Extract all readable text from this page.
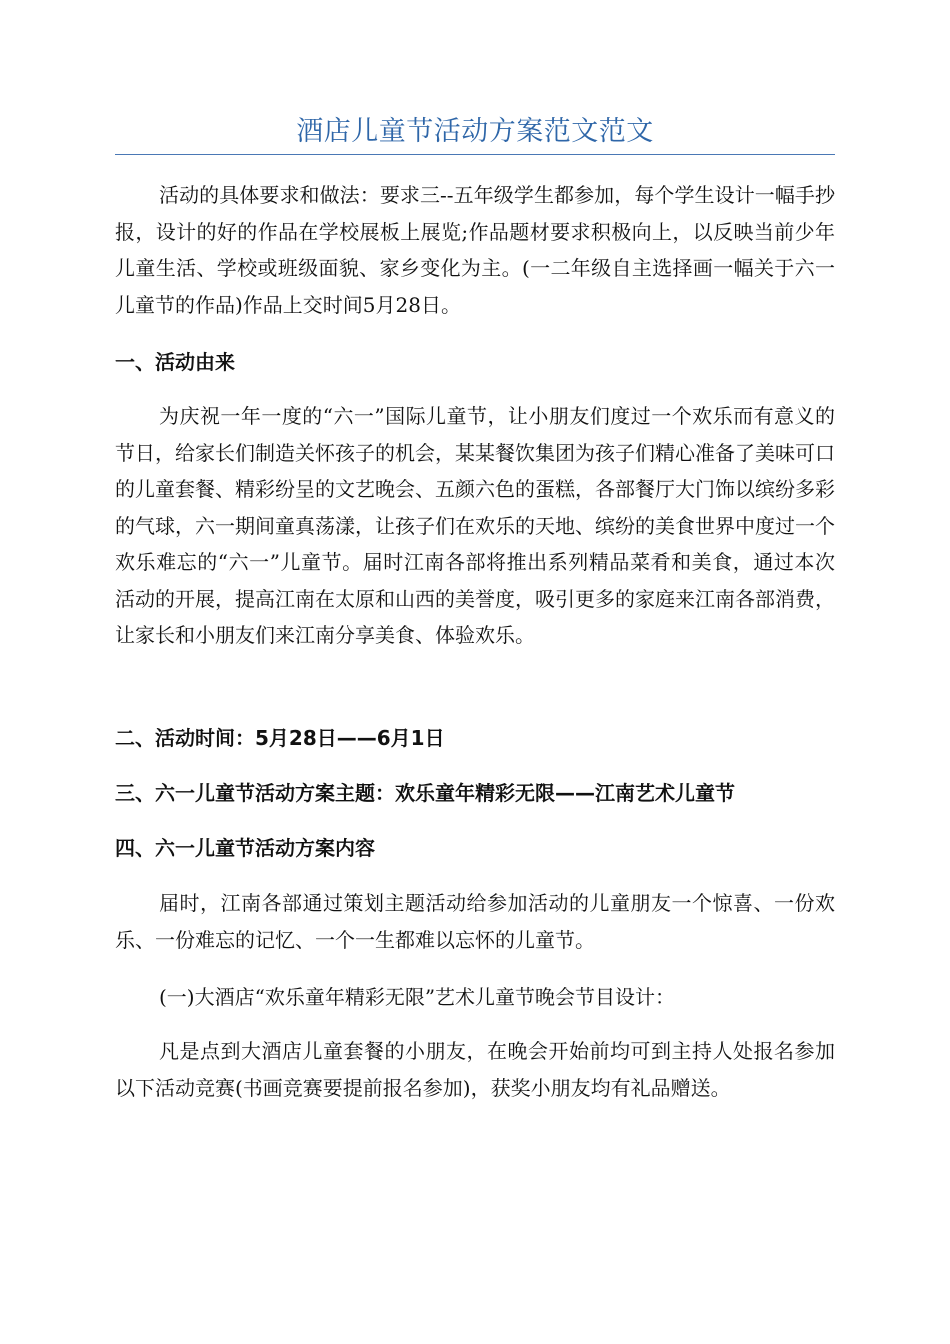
酒店儿童节活动方案范文范文

活动的具体要求和做法：要求三--五年级学生都参加，每个学生设计一幅手抄报，设计的好的作品在学校展板上展览;作品题材要求积极向上，以反映当前少年儿童生活、学校或班级面貌、家乡变化为主。(一二年级自主选择画一幅关于六一儿童节的作品)作品上交时间5月28日。

一、活动由来

为庆祝一年一度的“六一”国际儿童节，让小朋友们度过一个欢乐而有意义的节日，给家长们制造关怀孩子的机会，某某餐饮集团为孩子们精心准备了美味可口的儿童套餐、精彩纷呈的文艺晚会、五颜六色的蛋糕，各部餐厅大门饰以缤纷多彩的气球，六一期间童真荡漾，让孩子们在欢乐的天地、缤纷的美食世界中度过一个欢乐难忘的“六一”儿童节。届时江南各部将推出系列精品菜肴和美食，通过本次活动的开展，提高江南在太原和山西的美誉度，吸引更多的家庭来江南各部消费，让家长和小朋友们来江南分享美食、体验欢乐。

二、活动时间：5月28日——6月1日
三、六一儿童节活动方案主题：欢乐童年精彩无限——江南艺术儿童节
四、六一儿童节活动方案内容

届时，江南各部通过策划主题活动给参加活动的儿童朋友一个惊喜、一份欢乐、一份难忘的记忆、一个一生都难以忘怀的儿童节。

(一)大酒店“欢乐童年精彩无限”艺术儿童节晚会节目设计：

凡是点到大酒店儿童套餐的小朋友，在晚会开始前均可到主持人处报名参加以下活动竞赛(书画竞赛要提前报名参加)，获奖小朋友均有礼品赠送。
